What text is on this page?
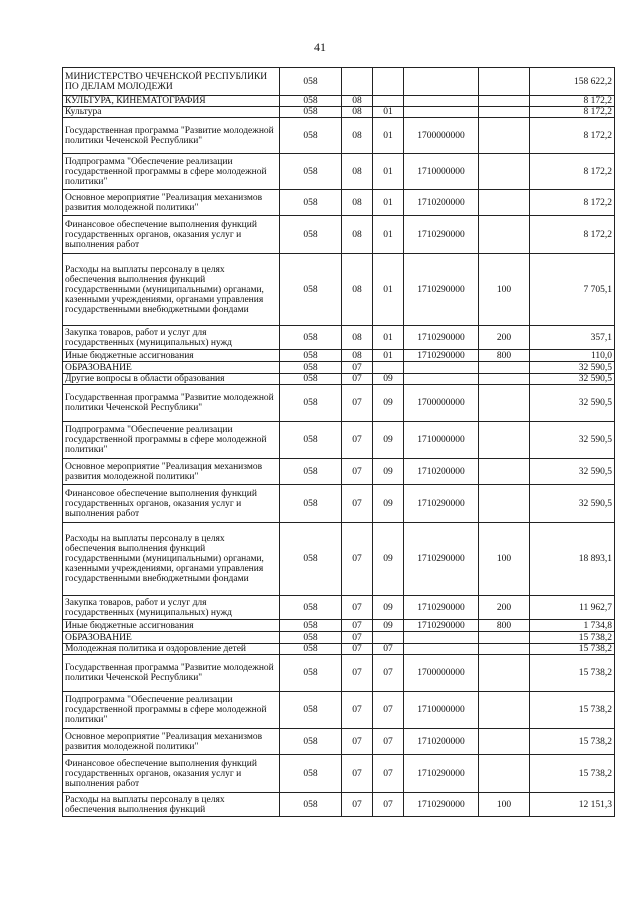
41
МИНИСТЕРСТВО ЧЕЧЕНСКОЙ РЕСПУБЛИКИ ПО ДЕЛАМ МОЛОДЕЖИ	058					158 622,2
КУЛЬТУРА, КИНЕМАТОГРАФИЯ	058	08				8 172,2
Культура	058	08	01			8 172,2
Государственная программа "Развитие молодежной политики Чеченской Республики"	058	08	01	1700000000		8 172,2
Подпрограмма "Обеспечение реализации государственной программы в сфере молодежной политики"	058	08	01	1710000000		8 172,2
Основное мероприятие "Реализация механизмов развития молодежной политики"	058	08	01	1710200000		8 172,2
Финансовое обеспечение выполнения функций государственных органов, оказания услуг и выполнения работ	058	08	01	1710290000		8 172,2
Расходы на выплаты персоналу в целях обеспечения выполнения функций государственными (муниципальными) органами, казенными учреждениями, органами управления государственными внебюджетными фондами	058	08	01	1710290000	100	7 705,1
Закупка товаров, работ и услуг для государственных (муниципальных) нужд	058	08	01	1710290000	200	357,1
Иные бюджетные ассигнования	058	08	01	1710290000	800	110,0
ОБРАЗОВАНИЕ	058	07				32 590,5
Другие вопросы в области образования	058	07	09			32 590,5
Государственная программа "Развитие молодежной политики Чеченской Республики"	058	07	09	1700000000		32 590,5
Подпрограмма "Обеспечение реализации государственной программы в сфере молодежной политики"	058	07	09	1710000000		32 590,5
Основное мероприятие "Реализация механизмов развития молодежной политики"	058	07	09	1710200000		32 590,5
Финансовое обеспечение выполнения функций государственных органов, оказания услуг и выполнения работ	058	07	09	1710290000		32 590,5
Расходы на выплаты персоналу в целях обеспечения выполнения функций государственными (муниципальными) органами, казенными учреждениями, органами управления государственными внебюджетными фондами	058	07	09	1710290000	100	18 893,1
Закупка товаров, работ и услуг для государственных (муниципальных) нужд	058	07	09	1710290000	200	11 962,7
Иные бюджетные ассигнования	058	07	09	1710290000	800	1 734,8
ОБРАЗОВАНИЕ	058	07				15 738,2
Молодежная политика и оздоровление детей	058	07	07			15 738,2
Государственная программа "Развитие молодежной политики Чеченской Республики"	058	07	07	1700000000		15 738,2
Подпрограмма "Обеспечение реализации государственной программы в сфере молодежной политики"	058	07	07	1710000000		15 738,2
Основное мероприятие "Реализация механизмов развития молодежной политики"	058	07	07	1710200000		15 738,2
Финансовое обеспечение выполнения функций государственных органов, оказания услуг и выполнения работ	058	07	07	1710290000		15 738,2
Расходы на выплаты персоналу в целях обеспечения выполнения функций	058	07	07	1710290000	100	12 151,3
